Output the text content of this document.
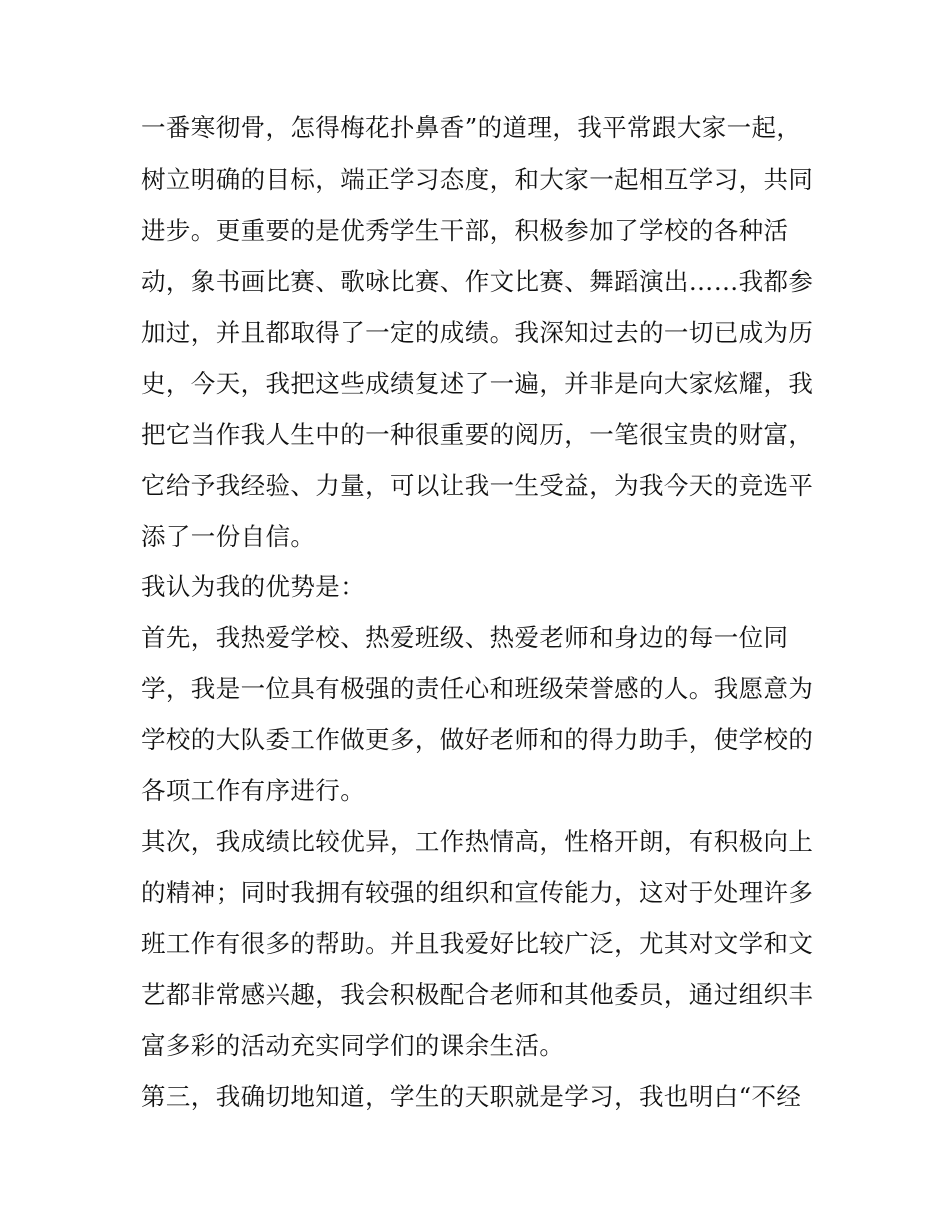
一番寒彻骨，怎得梅花扑鼻香”的道理，我平常跟大家一起，
树立明确的目标，端正学习态度，和大家一起相互学习，共同
进步。更重要的是优秀学生干部，积极参加了学校的各种活
动，象书画比赛、歌咏比赛、作文比赛、舞蹈演出……我都参
加过，并且都取得了一定的成绩。我深知过去的一切已成为历
史，今天，我把这些成绩复述了一遍，并非是向大家炫耀，我
把它当作我人生中的一种很重要的阅历，一笔很宝贵的财富，
它给予我经验、力量，可以让我一生受益，为我今天的竞选平
添了一份自信。
我认为我的优势是：
首先，我热爱学校、热爱班级、热爱老师和身边的每一位同
学，我是一位具有极强的责任心和班级荣誉感的人。我愿意为
学校的大队委工作做更多，做好老师和的得力助手，使学校的
各项工作有序进行。
其次，我成绩比较优异，工作热情高，性格开朗，有积极向上
的精神；同时我拥有较强的组织和宣传能力，这对于处理许多
班工作有很多的帮助。并且我爱好比较广泛，尤其对文学和文
艺都非常感兴趣，我会积极配合老师和其他委员，通过组织丰
富多彩的活动充实同学们的课余生活。
第三，我确切地知道，学生的天职就是学习，我也明白“不经
